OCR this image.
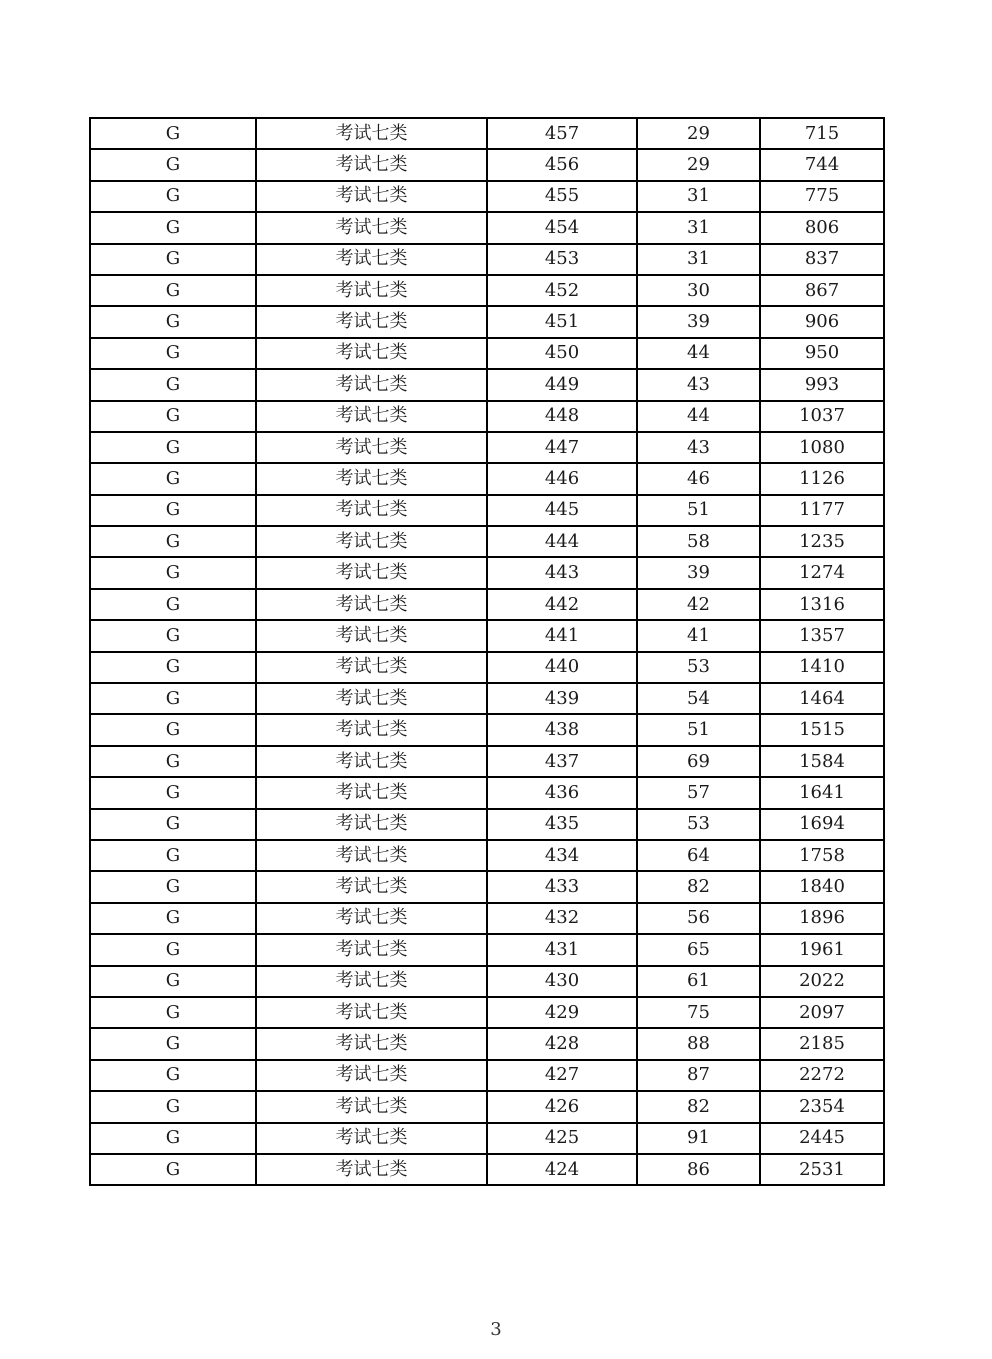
G	考试七类	457	29	715
G	考试七类	456	29	744
G	考试七类	455	31	775
G	考试七类	454	31	806
G	考试七类	453	31	837
G	考试七类	452	30	867
G	考试七类	451	39	906
G	考试七类	450	44	950
G	考试七类	449	43	993
G	考试七类	448	44	1037
G	考试七类	447	43	1080
G	考试七类	446	46	1126
G	考试七类	445	51	1177
G	考试七类	444	58	1235
G	考试七类	443	39	1274
G	考试七类	442	42	1316
G	考试七类	441	41	1357
G	考试七类	440	53	1410
G	考试七类	439	54	1464
G	考试七类	438	51	1515
G	考试七类	437	69	1584
G	考试七类	436	57	1641
G	考试七类	435	53	1694
G	考试七类	434	64	1758
G	考试七类	433	82	1840
G	考试七类	432	56	1896
G	考试七类	431	65	1961
G	考试七类	430	61	2022
G	考试七类	429	75	2097
G	考试七类	428	88	2185
G	考试七类	427	87	2272
G	考试七类	426	82	2354
G	考试七类	425	91	2445
G	考试七类	424	86	2531
3
